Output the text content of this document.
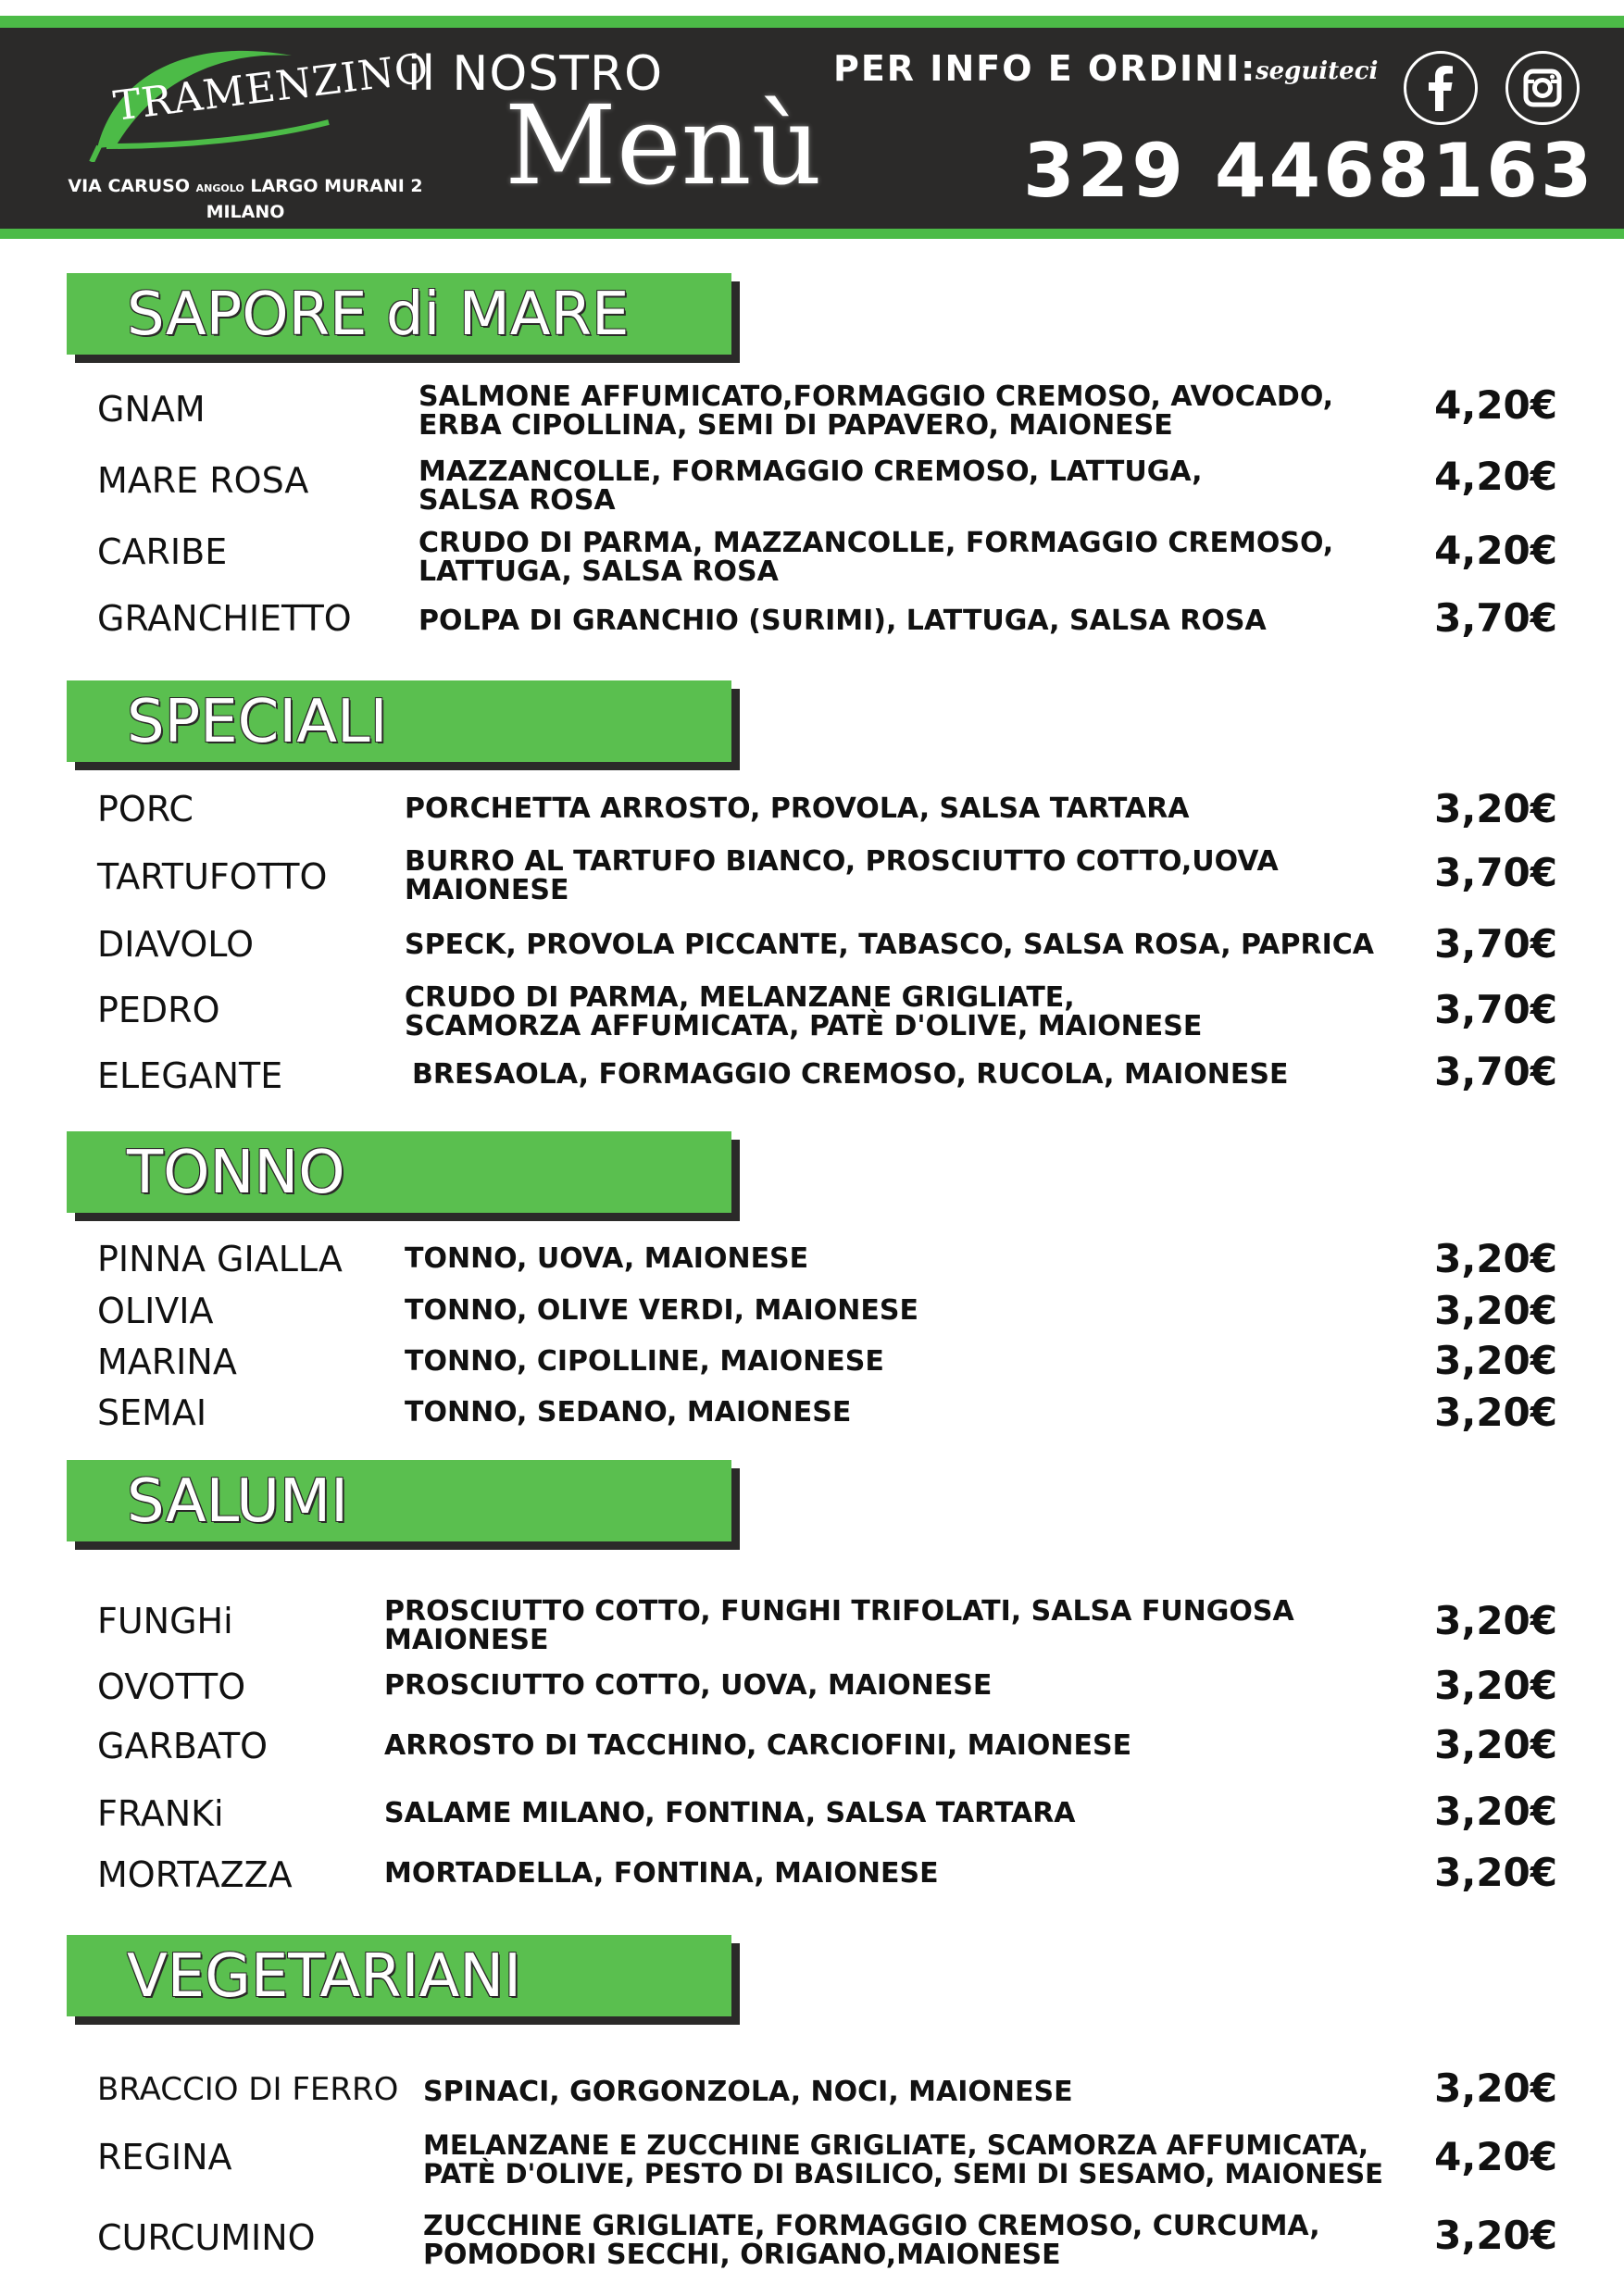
TRAMENZINO
VIA CARUSO ANGOLO LARGO MURANI 2
MILANO
il NOSTRO
Menù
PER INFO E ORDINI:
seguiteci
329 4468163
SAPORE di MARE
GNAM	SALMONE AFFUMICATO,FORMAGGIO CREMOSO, AVOCADO,
ERBA CIPOLLINA, SEMI DI PAPAVERO, MAIONESE	4,20€
MARE ROSA	MAZZANCOLLE, FORMAGGIO CREMOSO, LATTUGA,
SALSA ROSA
4,20€
CARIBE	CRUDO DI PARMA, MAZZANCOLLE, FORMAGGIO CREMOSO,
LATTUGA, SALSA ROSA	4,20€
GRANCHIETTO POLPA DI GRANCHIO (SURIMI), LATTUGA, SALSA ROSA	3,70€
SPECIALI
PORC	PORCHETTA ARROSTO, PROVOLA, SALSA TARTARA	3,20€
TARTUFOTTO	BURRO AL TARTUFO BIANCO, PROSCIUTTO COTTO,UOVA
MAIONESE	3,70€
DIAVOLO	SPECK, PROVOLA PICCANTE, TABASCO, SALSA ROSA, PAPRICA 3,70€
PEDRO	CRUDO DI PARMA, MELANZANE GRIGLIATE,
SCAMORZA AFFUMICATA, PATÈ D'OLIVE, MAIONESE	3,70€
ELEGANTE	BRESAOLA, FORMAGGIO CREMOSO, RUCOLA, MAIONESE	3,70€
TONNO
PINNA GIALLA TONNO, UOVA, MAIONESE	3,20€
OLIVIA	TONNO, OLIVE VERDI, MAIONESE	3,20€
MARINA	TONNO, CIPOLLINE, MAIONESE	3,20€
SEMAI	TONNO, SEDANO, MAIONESE	3,20€
SALUMI
FUNGHi	PROSCIUTTO COTTO, FUNGHI TRIFOLATI, SALSA FUNGOSA
MAIONESE	3,20€
OVOTTO	PROSCIUTTO COTTO, UOVA, MAIONESE	3,20€
GARBATO	ARROSTO DI TACCHINO, CARCIOFINI, MAIONESE	3,20€
FRANKi	SALAME MILANO, FONTINA, SALSA TARTARA	3,20€
MORTAZZA	MORTADELLA, FONTINA, MAIONESE	3,20€
VEGETARIANI
BRACCIO DI FERRO SPINACI, GORGONZOLA, NOCI, MAIONESE	3,20€
REGINA	MELANZANE E ZUCCHINE GRIGLIATE, SCAMORZA AFFUMICATA,
PATÈ D'OLIVE, PESTO DI BASILICO, SEMI DI SESAMO, MAIONESE 4,20€
CURCUMINO	ZUCCHINE GRIGLIATE, FORMAGGIO CREMOSO, CURCUMA,
POMODORI SECCHI, ORIGANO,MAIONESE	3,20€
